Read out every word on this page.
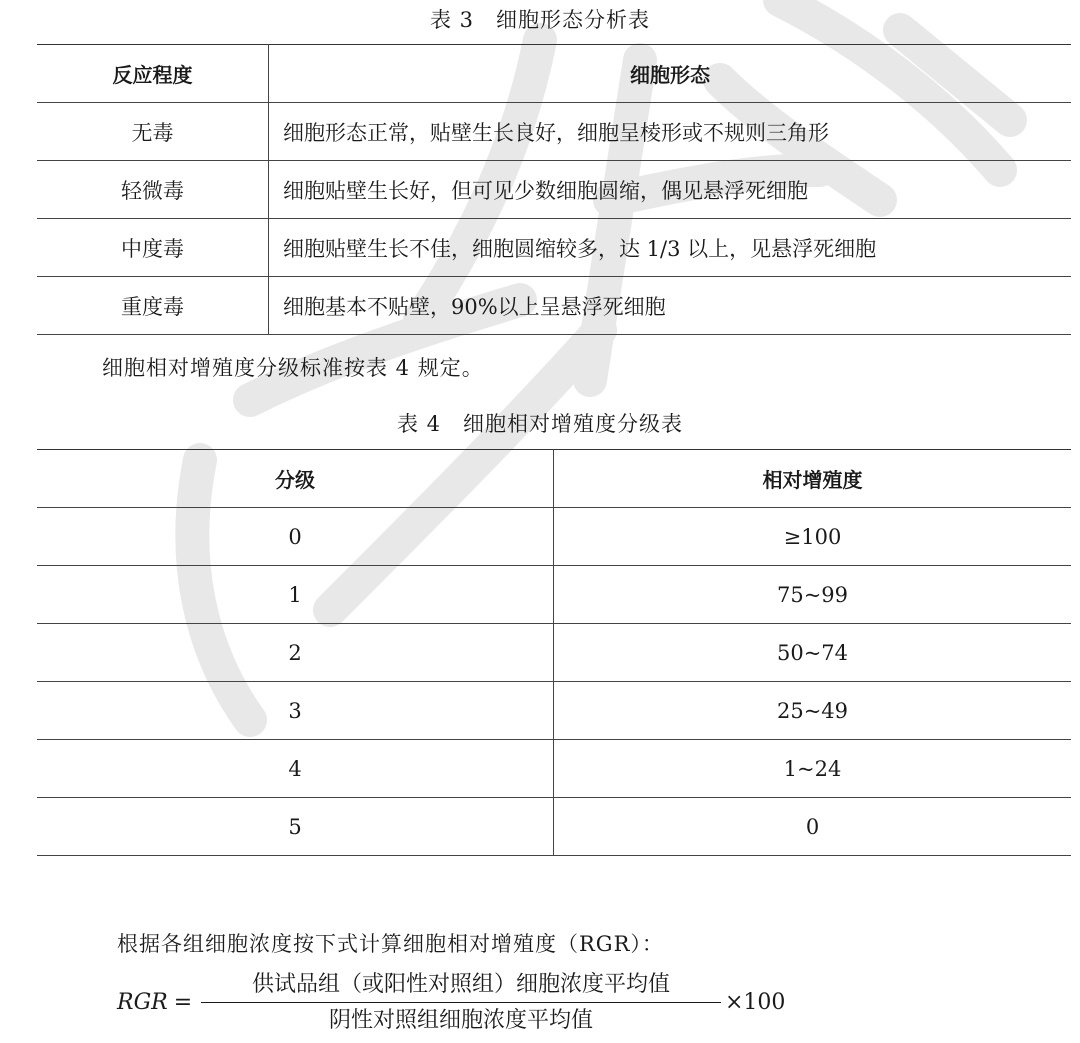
表 3　细胞形态分析表
反应程度	细胞形态
无毒	细胞形态正常，贴壁生长良好，细胞呈棱形或不规则三角形
轻微毒	细胞贴壁生长好，但可见少数细胞圆缩，偶见悬浮死细胞
中度毒	细胞贴壁生长不佳，细胞圆缩较多，达 1/3 以上，见悬浮死细胞
重度毒	细胞基本不贴壁，90%以上呈悬浮死细胞
细胞相对增殖度分级标准按表 4 规定。
表 4　细胞相对增殖度分级表
分级	相对增殖度
0	≥100
1	75~99
2	50~74
3	25~49
4	1~24
5	0
根据各组细胞浓度按下式计算细胞相对增殖度（RGR）：
RGR =
供试品组（或阳性对照组）细胞浓度平均值
阴性对照组细胞浓度平均值
×100
